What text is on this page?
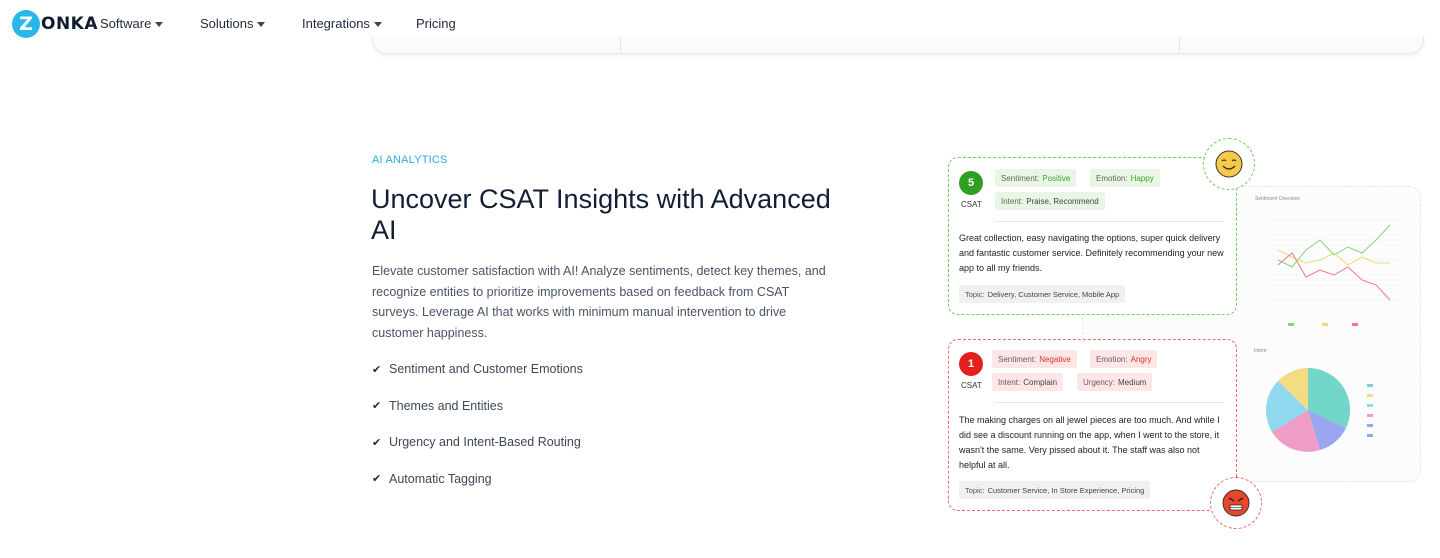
Z ONKA Software	Solutions	Integrations	Pricing
AI ANALYTICS
Uncover CSAT Insights with Advanced AI

Elevate customer satisfaction with AI! Analyze sentiments, detect key themes, and recognize entities to prioritize improvements based on feedback from CSAT surveys. Leverage AI that works with minimum manual intervention to drive customer happiness.

✔ Sentiment and Customer Emotions
✔ Themes and Entities
✔ Urgency and Intent-Based Routing
✔ Automatic Tagging
Sentiment Overview
Intent
5
CSAT
Sentiment: Positive	Emotion: Happy
Intent: Praise, Recommend

Great collection, easy navigating the options, super quick delivery and fantastic customer service. Definitely recommending your new app to all my friends.

Topic: Delivery, Customer Service, Mobile App
1
CSAT
Sentiment: Negative	Emotion: Angry
Intent: Complain	Urgency: Medium

The making charges on all jewel pieces are too much. And while I did see a discount running on the app, when I went to the store, it wasn't the same. Very pissed about it. The staff was also not helpful at all.

Topic: Customer Service, In Store Experience, Pricing
